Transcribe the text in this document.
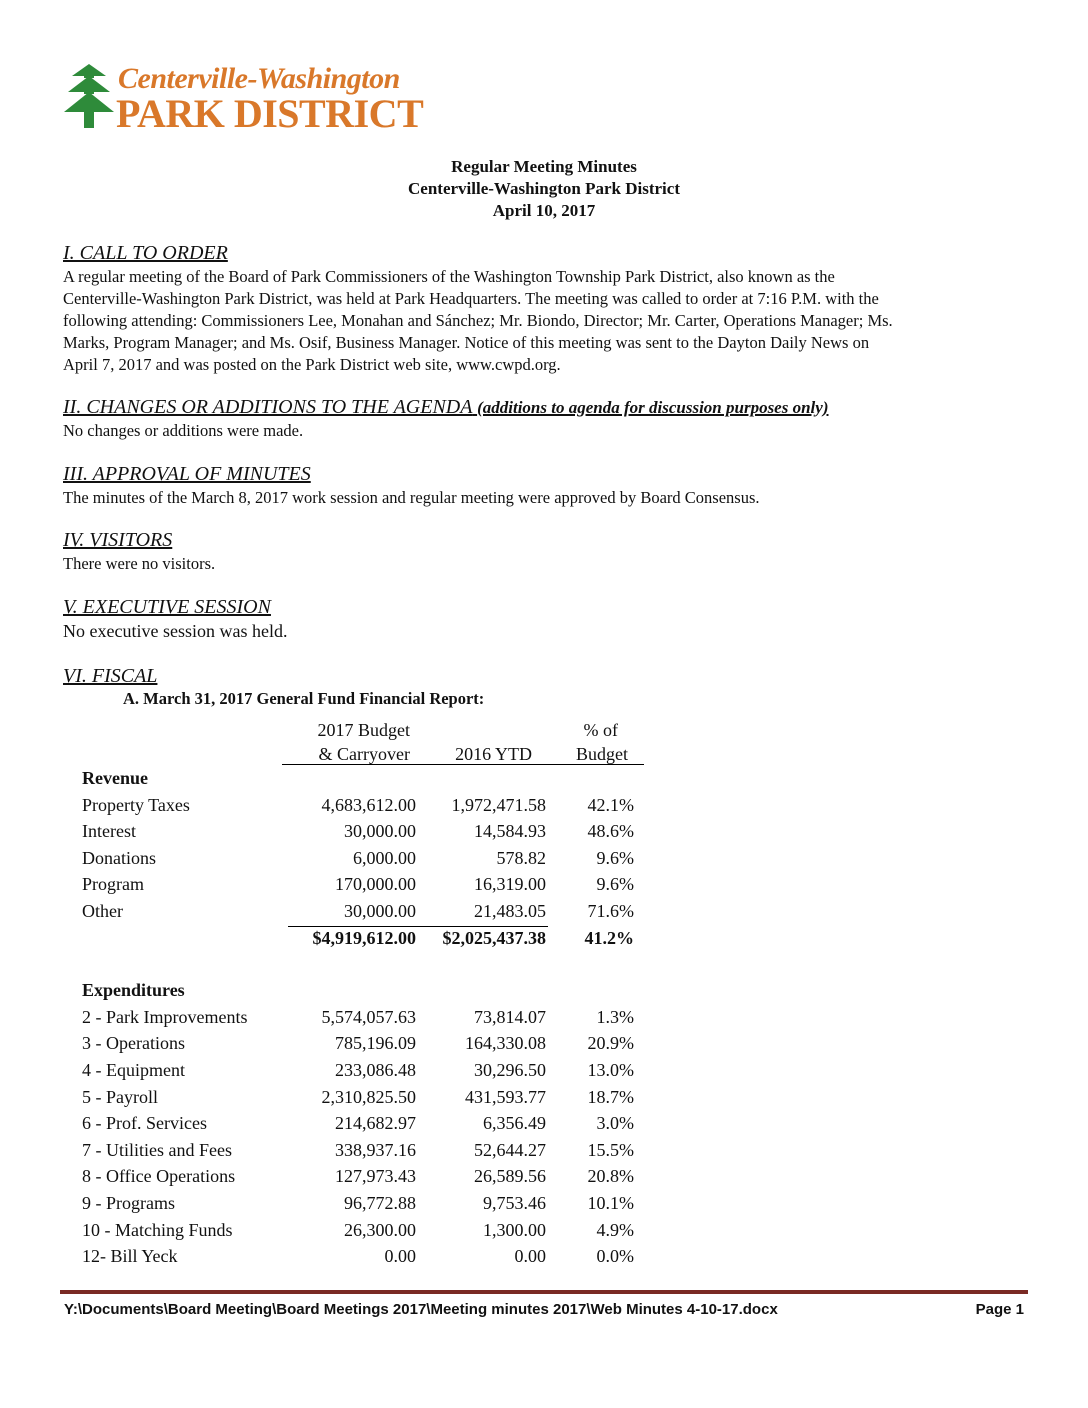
Centerville-Washington
PARK DISTRICT
Regular Meeting Minutes
Centerville-Washington Park District
April 10, 2017
I. CALL TO ORDER

A regular meeting of the Board of Park Commissioners of the Washington Township Park District, also known as the

Centerville-Washington Park District, was held at Park Headquarters. The meeting was called to order at 7:16 P.M. with the

following attending: Commissioners Lee, Monahan and Sánchez; Mr. Biondo, Director; Mr. Carter, Operations Manager; Ms.

Marks, Program Manager; and Ms. Osif, Business Manager. Notice of this meeting was sent to the Dayton Daily News on

April 7, 2017 and was posted on the Park District web site, www.cwpd.org.

II. CHANGES OR ADDITIONS TO THE AGENDA (additions to agenda for discussion purposes only)

No changes or additions were made.

III. APPROVAL OF MINUTES

The minutes of the March 8, 2017 work session and regular meeting were approved by Board Consensus.

IV. VISITORS

There were no visitors.

V. EXECUTIVE SESSION

No executive session was held.

VI. FISCAL
A. March 31, 2017 General Fund Financial Report:
2017 Budget
& Carryover	2016 YTD
% of
Budget
Revenue
Property Taxes	4,683,612.00 1,972,471.58 42.1%
Interest	30,000.00	14,584.93 48.6%
Donations	6,000.00	578.82	9.6%
Program	170,000.00	16,319.00	9.6%
Other	30,000.00	21,483.05 71.6%
$4,919,612.00 $2,025,437.38 41.2%
Expenditures
2 - Park Improvements	5,574,057.63	73,814.07	1.3%
3 - Operations	785,196.09	164,330.08 20.9%
4 - Equipment	233,086.48	30,296.50 13.0%
5 - Payroll	2,310,825.50	431,593.77 18.7%
6 - Prof. Services	214,682.97	6,356.49	3.0%
7 - Utilities and Fees	338,937.16	52,644.27 15.5%
8 - Office Operations	127,973.43	26,589.56 20.8%
9 - Programs	96,772.88	9,753.46 10.1%
10 - Matching Funds	26,300.00	1,300.00	4.9%
12- Bill Yeck	0.00	0.00	0.0%
Y:\Documents\Board Meeting\Board Meetings 2017\Meeting minutes 2017\Web Minutes 4-10-17.docx	Page 1
